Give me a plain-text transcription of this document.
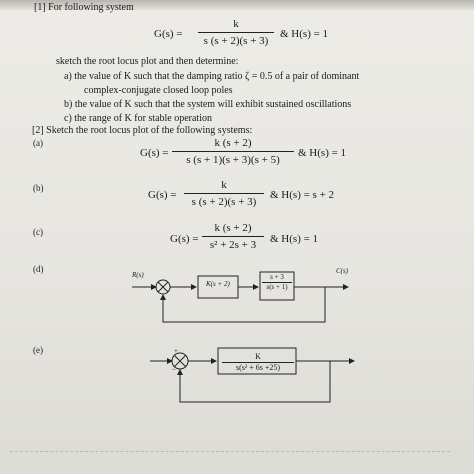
[1] For following system
G(s) =
k
s (s + 2)(s + 3)
& H(s) = 1
sketch the root locus plot and then determine:
a) the value of K such that the damping ratio ζ = 0.5 of a pair of dominant
complex-conjugate closed loop poles
b) the value of K such that the system will exhibit sustained oscillations
c) the range of K for stable operation
[2] Sketch the root locus plot of the following systems:
(a)
G(s) =
k (s + 2)
s (s + 1)(s + 3)(s + 5)
& H(s) = 1
(b)
G(s) =
k
s (s + 2)(s + 3)
& H(s) = s + 2
(c)
G(s) =
k (s + 2)
s² + 2s + 3	& H(s) = 1
(d)
R(s)	C(s)
K(s + 2)
s + 3
s(s + 1)
(e)
K
s(s² + 6s +25)
+
−
